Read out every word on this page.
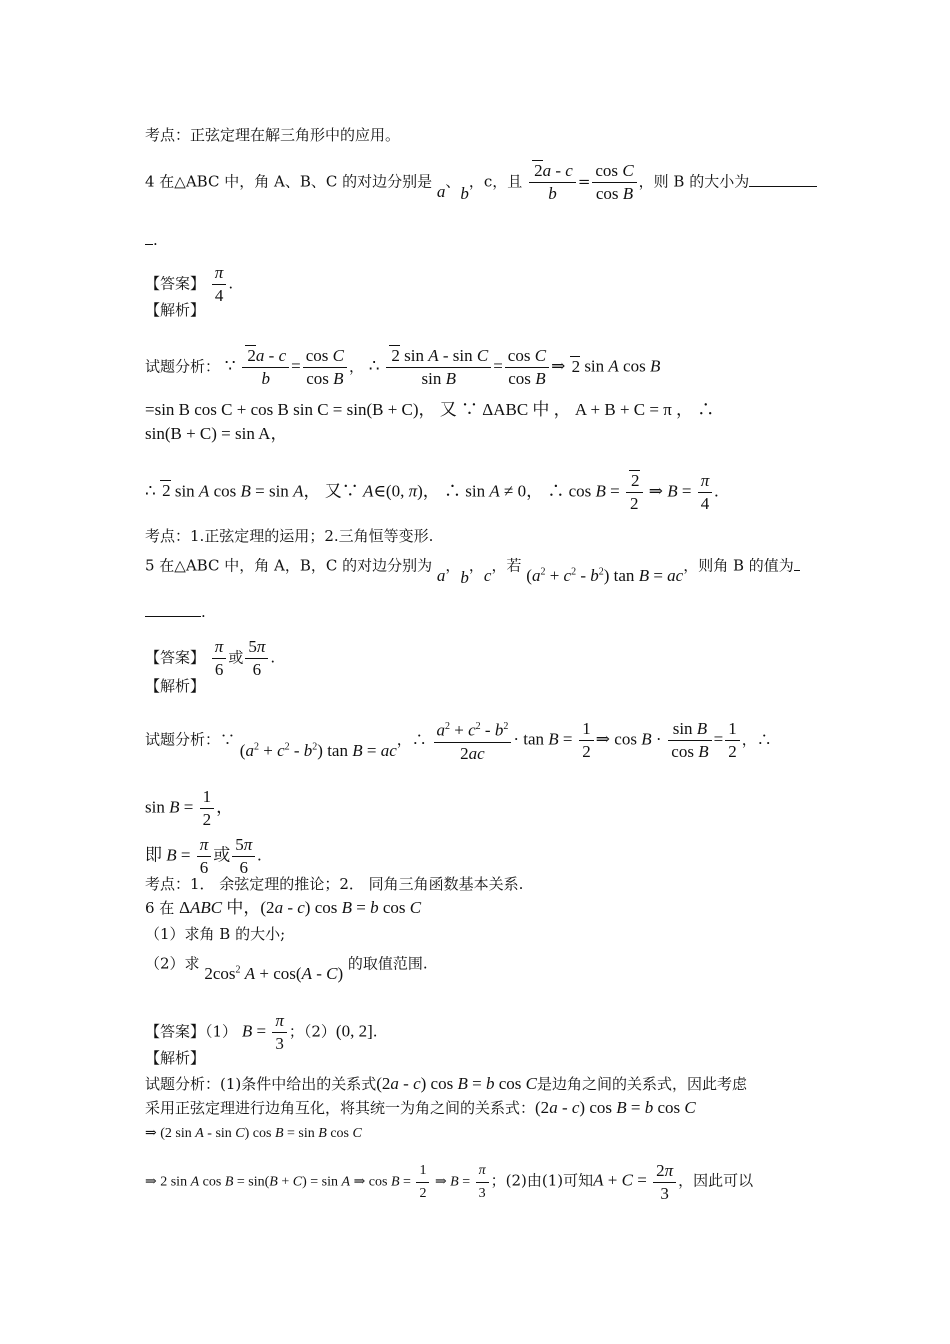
考点：正弦定理在解三角形中的应用。
4 在△ABC 中，角 A、B、C 的对边分别是 a、b，c，且 $\frac{2a - c}{b} = \frac{\text{cos C}}{\text{cos B}}$ ，则 B 的大小为
.
【答案】 $\frac{\pi}{4}$ .
【解析】
试题分析： ∵ $\frac{2a - c}{b} = \frac{\text{cos C}}{\text{cos B}}$ ， ∴ $\frac{\text{2 sin A - sin C}}{\text{sin B}} = \frac{\text{cos C}}{\text{cos B}}$ ⇒ 2 sin A cos B
=sin B cos C + cos B sin C = sin(B + C)， 又 ∵ ΔABC 中 ， A + B + C = π ， ∴
sin(B + C) = sin A，
∴ 2 sin A cos B = sin A， 又∵ A∈(0, π)， ∴ sin A ≠ 0， ∴ $\cos B = \frac{2}{2}$ ⇒ $B = \frac{\pi}{4}$ .
考点：1.正弦定理的运用；2.三角恒等变形.
5 在△ABC 中，角 A，B，C 的对边分别为 a，b，c，若 $(a^2 + c^2 - b^2)$ tan B = ac，则角 B 的值为
.
【答案】 $\frac{\pi}{6}$ 或 $\frac{5\pi}{6}$ .
【解析】
试题分析：∵ $(a^2 + c^2 - b^2)$ tan B = ac，∴ $\frac{a^2 + c^2 - b^2}{2ac} \cdot \tan B = \frac{1}{2}$ ⇒ $\cos B \cdot \frac{\text{sin B}}{\text{cos B}} = \frac{1}{2}$ ，∴
$\sin B = \frac{1}{2}$ ，
即 $B = \frac{\pi}{6}$ 或 $\frac{5\pi}{6}$ .
考点：1． 余弦定理的推论；2． 同角三角函数基本关系.
6 在 ΔABC 中，(2a - c) cos B = b cos C
（1）求角 B 的大小;
（2）求 $2\cos^2$ A + cos(A - C) 的取值范围.
【答案】（1） $B = \frac{\pi}{3}$ ；（2）(0, 2].
【解析】
试题分析：(1)条件中给出的关系式(2a - c) cos B = b cos C是边角之间的关系式，因此考虑
采用正弦定理进行边角互化，将其统一为角之间的关系式：(2a - c) cos B = b cos C
⇒ (2 sin A - sin C) cos B = sin B cos C
⇒ 2 sin A cos B = sin(B + C) = sin A ⇒ $\cos B = \frac{1}{2}$ ⇒ $B = \frac{\pi}{3}$ ；(2)由(1)可知$A + C = \frac{2\pi}{3}$ ，因此可以
